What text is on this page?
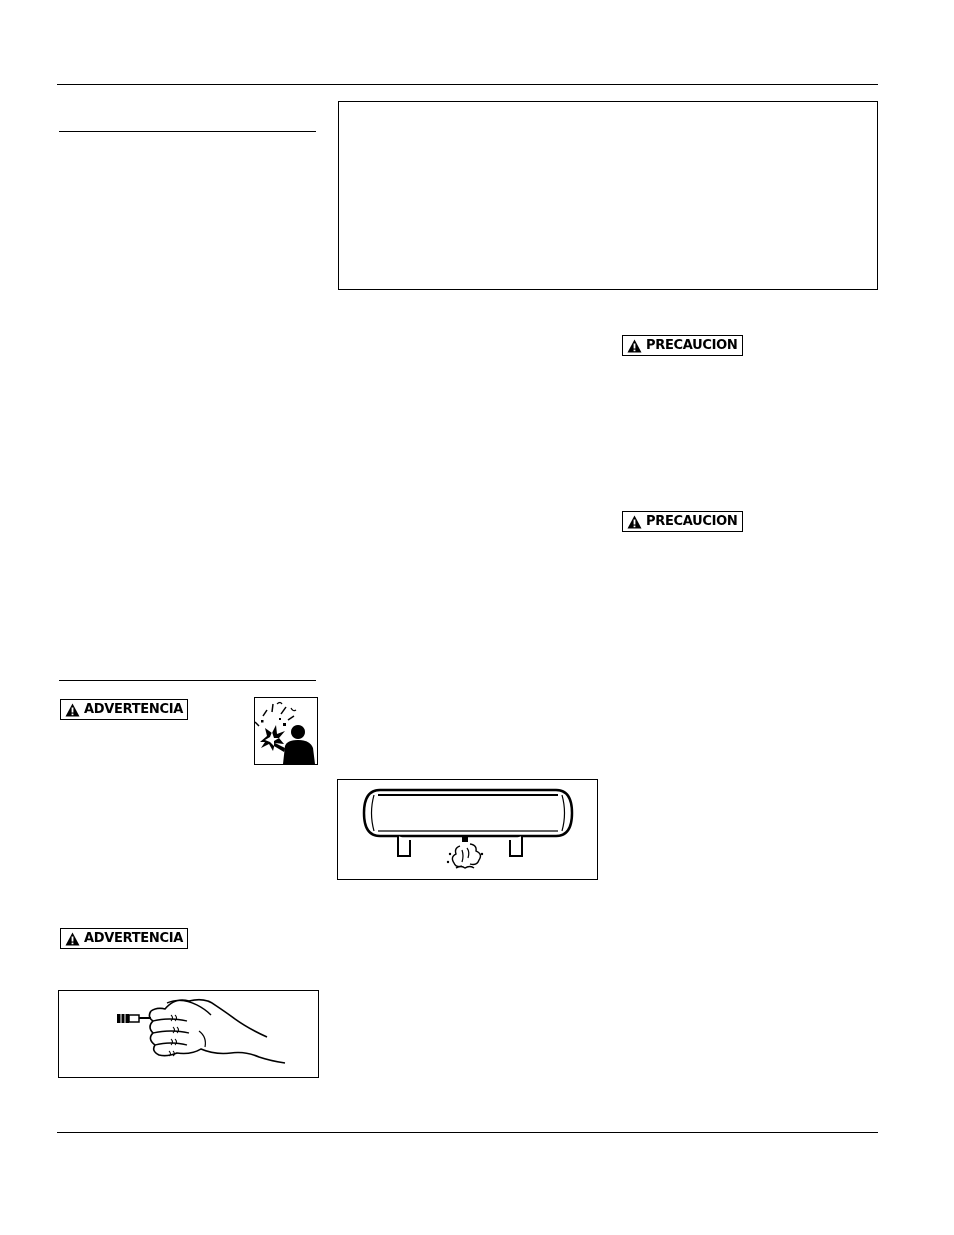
PRECAUCION
PRECAUCION
ADVERTENCIA
ADVERTENCIA
